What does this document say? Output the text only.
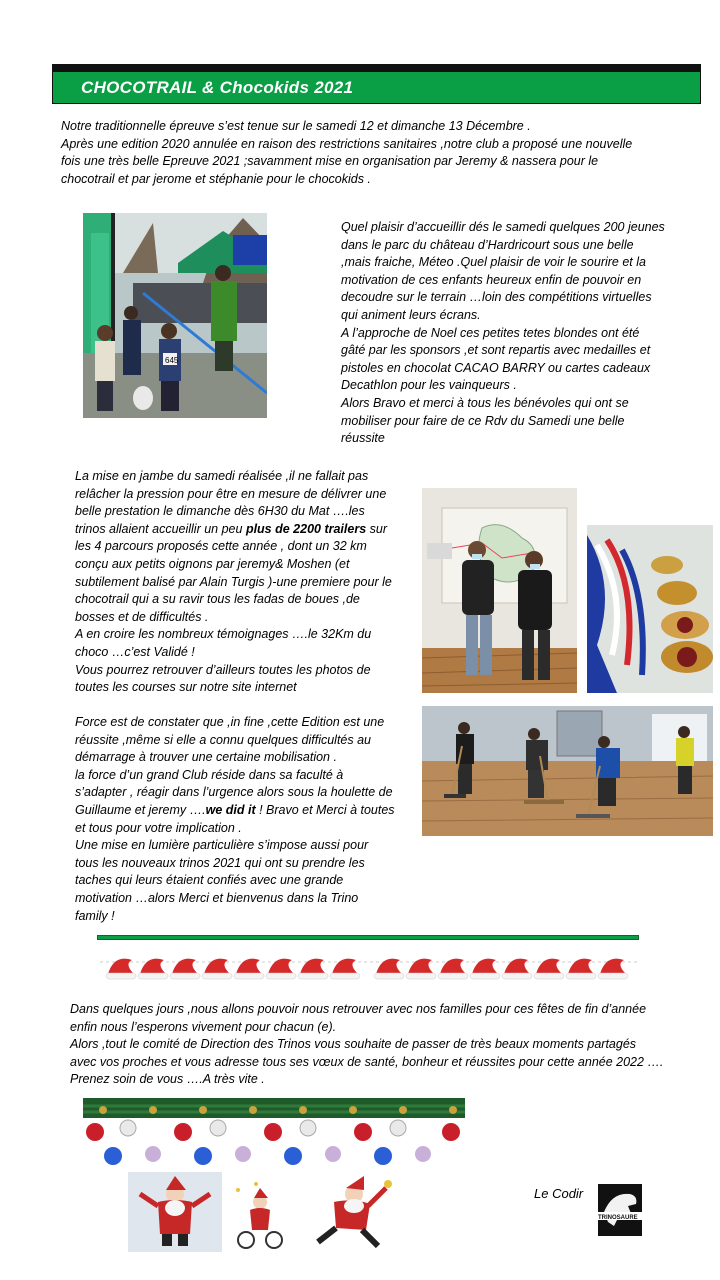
CHOCOTRAIL & Chocokids 2021
Notre traditionnelle épreuve s’est tenue sur le samedi 12 et dimanche 13 Décembre .
Après une edition 2020 annulée en raison des restrictions sanitaires ,notre club a proposé une nouvelle
fois une très belle Epreuve 2021 ;savamment mise en organisation par Jeremy & nassera pour le
chocotrail et par jerome et stéphanie pour le chocokids .
645
Quel plaisir d’accueillir dés le samedi quelques 200 jeunes
dans le parc du château d’Hardricourt sous une belle
,mais fraiche, Méteo .Quel plaisir de voir le sourire et la
motivation de ces enfants heureux enfin de pouvoir en
decoudre sur le terrain …loin des compétitions virtuelles
qui animent leurs écrans.
A l’approche de Noel ces petites tetes blondes ont été
gâté par les sponsors ,et sont repartis avec medailles et
pistoles en chocolat CACAO BARRY ou cartes cadeaux
Decathlon pour les vainqueurs .
Alors Bravo et merci à tous les bénévoles qui ont se
mobiliser pour faire de ce Rdv du Samedi une belle
réussite
La mise en jambe du samedi réalisée ,il ne fallait pas
relâcher la pression pour être en mesure de délivrer une
belle prestation le dimanche dès 6H30 du Mat ….les
trinos allaient accueillir un peu plus de 2200 trailers sur
les 4 parcours proposés cette année , dont un 32 km
conçu aux petits oignons par jeremy& Moshen (et
subtilement balisé par Alain Turgis )-une premiere pour le
chocotrail qui a su ravir tous les fadas de boues ,de
bosses et de difficultés .
A en croire les nombreux témoignages ….le 32Km du
choco …c’est Validé !
Vous pourrez retrouver d’ailleurs toutes les photos de
toutes les courses sur notre site internet
Force est de constater que ,in fine ,cette Edition est une
réussite ,même si elle a connu quelques difficultés au
démarrage à trouver une certaine mobilisation .
la force d’un grand Club réside dans sa faculté à
s’adapter , réagir dans l’urgence alors sous la houlette de
Guillaume et jeremy ….we did it ! Bravo et Merci à toutes
et tous pour votre implication .
Une mise en lumière particulière s’impose aussi pour
tous les nouveaux trinos 2021 qui ont su prendre les
taches qui leurs étaient confiés avec une grande
motivation …alors Merci et bienvenus dans la Trino
family !
Dans quelques jours ,nous allons pouvoir nous retrouver avec nos familles pour ces fêtes de fin d’année
enfin nous l’esperons vivement pour chacun (e).
Alors ,tout le comité de Direction des Trinos vous souhaite de passer de très beaux moments partagés
avec vos proches et vous adresse tous ses vœux de santé, bonheur et réussites pour cette année 2022 ….
Prenez soin de vous ….A très vite .
Le Codir
TRINOSAURE
